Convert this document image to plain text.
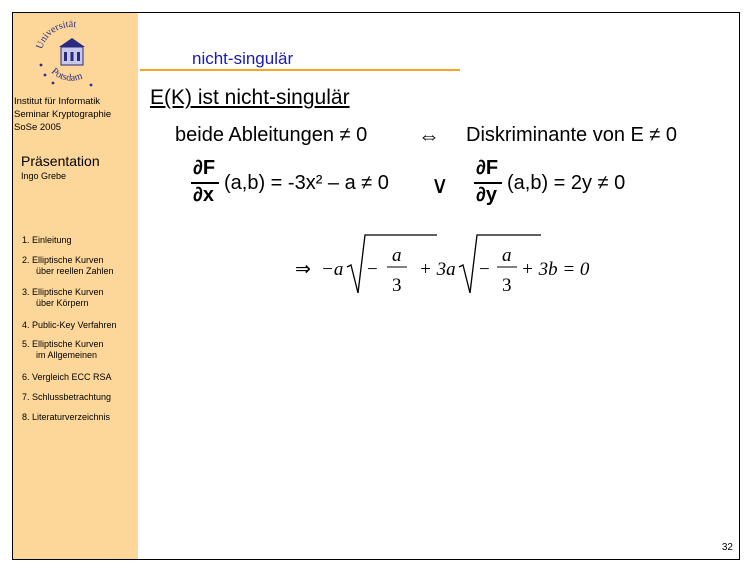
Universität
Potsdam
Institut für Informatik
Seminar Kryptographie
SoSe 2005
Präsentation
Ingo Grebe
1. Einleitung
2. Elliptische Kurven
über reellen Zahlen
3. Elliptische Kurven
über Körpern
4. Public-Key Verfahren
5. Elliptische Kurven
im Allgemeinen
6. Vergleich ECC RSA
7. Schlussbetrachtung
8. Literaturverzeichnis
nicht-singulär
E(K) ist nicht-singulär
beide Ableitungen ≠ 0 ⇔ Diskriminante von E ≠ 0
∂F
∂x
(a,b) = -3x² – a ≠ 0 ∨
∂F
∂y
(a,b) = 2y ≠ 0
⇒ −a −
a
3
+ 3a −
a
3
+ 3b = 0
32
